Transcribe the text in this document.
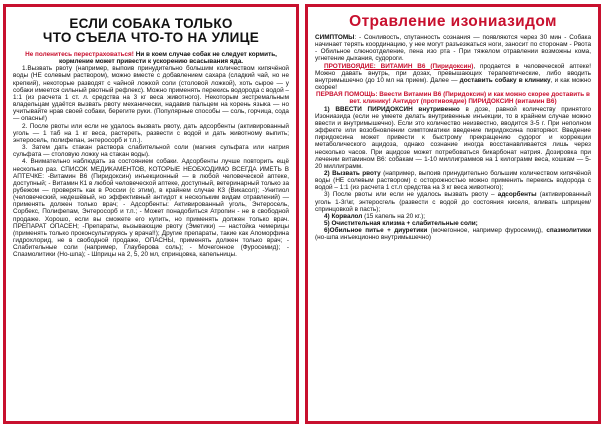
ЕСЛИ СОБАКА ТОЛЬКО
ЧТО СЪЕЛА ЧТО-ТО НА УЛИЦЕ

Не поленитесь перестраховаться! Ни в коем случае собак не следует кормить, кормление может привести к ускорению всасывания яда.

1.Вызвать рвоту (например, выпоив принудительно большим количеством кипячёной воды (НЕ солевым раствором), можно вместе с добавлением сахара (сладкий чай, но не крепкий), некоторые разводят с чайной ложкой соли (столовой ложкой), хоть сырое — у собаки имеется сильный рвотный рефлекс). Можно применять перекись водорода с водой – 1:1 (из расчета 1 ст. л. средства на 3 кг веса животного). Некоторым экстремальным владельцам удаётся вызвать рвоту механически, надавив пальцем на корень языка — но учитывайте нрав своей собаки, берегите руки. (Популярные способы — соль, горчица, сода — опасны!)

2. После рвоты или если не удалось вызвать рвоту, дать адсорбенты (активированный уголь — 1 таб на 1 кг веса, растереть, развести с водой и дать животному выпить; энтеросель, полифепан, энтеросорб и т.п.).

3. Затем дать стакан раствора слабительной соли (магния сульфата или натрия сульфата — столовую ложку на стакан воды).

4. Внимательно наблюдать за состоянием собаки. Адсорбенты лучше повторить ещё несколько раз. СПИСОК МЕДИКАМЕНТОВ, КОТОРЫЕ НЕОБХОДИМО ВСЕГДА ИМЕТЬ В АПТЕЧКЕ: -Витамин В6 (Пиридоксин) инъекционный — в любой человеческой аптеке, доступный; - Витамин К1 в любой человеческой аптеке, доступный, ветеринарный только за рубежом — проверять как в России (с этим), в крайнем случае К3 (Викасол); -Унитиол (человеческий, недешёвый, но эффективный антидот к нескольким видам отравлений) — применять должен только врач; - Адсорбенты: Активированный уголь, Энтеросель, Сорбекс, Полифепам, Энтеросорб и т.п.; - Может понадобиться Атропин - не в свободной продаже. Хорошо, если вы сможете его купить, но применять должен только врач. ПРЕПАРАТ ОПАСЕН; -Препараты, вызывающие рвоту (Эметики) — настойка чемерицы (применять только проконсультируясь у врача!!); Другие препараты, такие как Апоморфина гидрохлорид, не в свободной продаже, ОПАСНЫ, применять должен только врач; - Слабительные соли (например, Глауберова соль); - Мочегонное (Фуросемид); - Спазмолитики (Но-шпа); - Шприцы на 2, 5, 20 мл, спринцовка, капельницы.

Отравление изониазидом

СИМПТОМЫ: - Сонливость, спутанность сознания — появляются через 30 мин - Собака начинает терять координацию, у нее могут разъезжаться ноги, заносит по сторонам - Рвота - Обильное слюноотделение, пена изо рта - При тяжелом отравлении возможны кома, угнетение дыхания, судороги.

ПРОТИВОЯДИЕ: ВИТАМИН В6 (Пиридоксин), продается в человеческой аптеке! Можно давать внутрь, при дозах, превышающих терапевтические, либо вводить внутримышечно (до 10 мл на прием). Далее — доставить собаку в клинику, и как можно скорее!

ПЕРВАЯ ПОМОЩЬ: Ввести Витамин В6 (Пиридоксин) и как можно скорее доставить в вет. клинику! Антидот (противоядие) ПИРИДОКСИН (витамин В6)

1) ВВЕСТИ ПИРИДОКСИН внутривенно в дозе, равной количеству принятого Изониазида (если не умеете делать внутривенные инъекции, то в крайнем случае можно ввести и внутримышечно). Если это количество неизвестно, вводится 3-5 г. При неполном эффекте или возобновлении симптоматики введение пиридоксина повторяют. Введение пиридоксина может привести к быстрому прекращению судорог и коррекции метаболического ацидоза, однако сознание иногда восстанавливается лишь через несколько часов. При ацидозе может потребоваться бикарбонат натрия. Дозировка при лечении витамином В6: собакам — 1-10 миллиграммов на 1 килограмм веса, кошкам — 5-20 миллиграмм.

2) Вызвать рвоту (например, выпоив принудительно большим количеством кипячёной воды (НЕ солевым раствором) с осторожностью можно применить перекись водорода с водой – 1:1 (из расчета 1 ст.л средства на 3 кг веса животного);

3) После рвоты или если не удалось вызвать рвоту – адсорбенты (активированный уголь 1-3г\кг, энтеросгель (развести с водой до состояния киселя, вливать шприцем/спринцовкой в пасть);

4) Корвалол (15 капель на 20 кг.);

5) Очистительная клизма + слабительные соли;

6)Обильное питье + диуретики (мочегонное, например фуросемид), спазмолитики (но-шпа инъекционно внутримышечно)
